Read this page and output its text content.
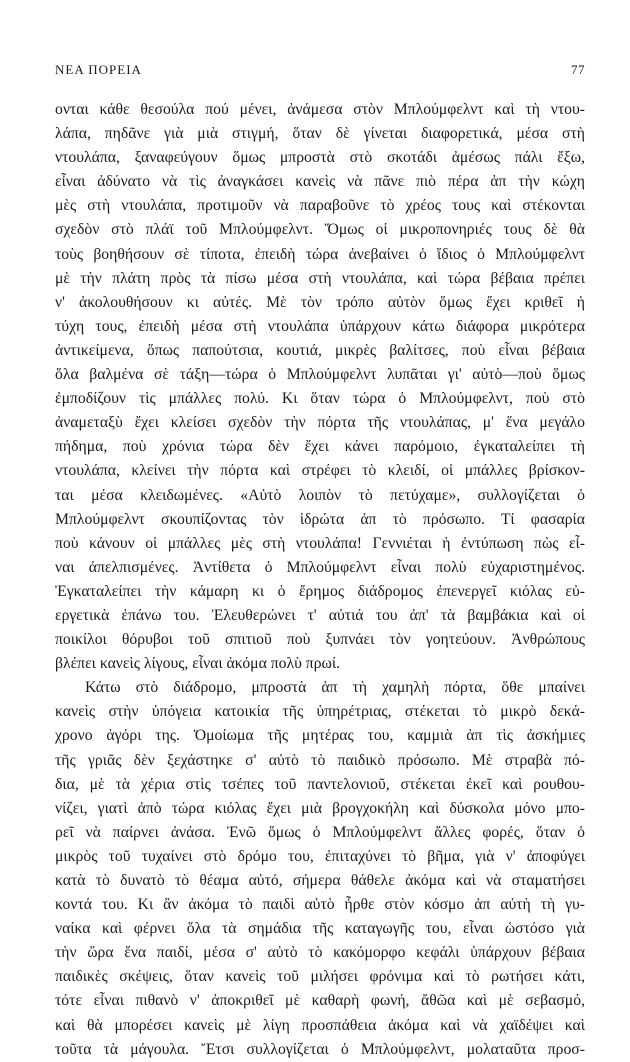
ΝΕΑ ΠΟΡΕΙΑ	77
ονται κάθε θεσούλα πού μένει, ἀνάμεσα στὸν Μπλούμφελντ καὶ τὴ ντου-
λάπα, πηδᾶνε γιὰ μιὰ στιγμή, ὅταν δὲ γίνεται διαφορετικά, μέσα στὴ
ντουλάπα, ξαναφεύγουν ὅμως μπροστὰ στὸ σκοτάδι ἀμέσως πάλι ἔξω,
εἶναι ἀδύνατο νὰ τὶς ἀναγκάσει κανεὶς νὰ πᾶνε πιὸ πέρα ἀπ τὴν κώχη
μὲς στὴ ντουλάπα, προτιμοῦν νὰ παραβοῦνε τὸ χρέος τους καὶ στέκονται
σχεδὸν στὸ πλάϊ τοῦ Μπλούμφελντ. Ὅμως οἱ μικροπονηριές τους δὲ θὰ
τοὺς βοηθήσουν σὲ τίποτα, ἐπειδὴ τώρα ἀνεβαίνει ὁ ἴδιος ὁ Μπλούμφελντ
μὲ τὴν πλάτη πρὸς τὰ πίσω μέσα στὴ ντουλάπα, καὶ τώρα βέβαια πρέπει
ν' ἀκολουθήσουν κι αὐτές. Μὲ τὸν τρόπο αὐτὸν ὅμως ἔχει κριθεῖ ἡ
τύχη τους, ἐπειδὴ μέσα στὴ ντουλάπα ὑπάρχουν κάτω διάφορα μικρότερα
ἀντικείμενα, ὅπως παπούτσια, κουτιά, μικρὲς βαλίτσες, ποὺ εἶναι βέβαια
ὅλα βαλμένα σὲ τάξη—τώρα ὁ Μπλούμφελντ λυπᾶται γι' αὐτὸ—ποὺ ὅμως
ἐμποδίζουν τὶς μπάλλες πολύ. Κι ὅταν τώρα ὁ Μπλούμφελντ, ποὺ στὸ
ἀναμεταξὺ ἔχει κλείσει σχεδὸν τὴν πόρτα τῆς ντουλάπας, μ' ἕνα μεγάλο
πήδημα, ποὺ χρόνια τώρα δὲν ἔχει κάνει παρόμοιο, ἐγκαταλείπει τὴ
ντουλάπα, κλείνει τὴν πόρτα καὶ στρέφει τὸ κλειδί, οἱ μπάλλες βρίσκον-
ται μέσα κλειδωμένες. «Αὐτὸ λοιπὸν τὸ πετύχαμε», συλλογίζεται ὁ
Μπλούμφελντ σκουπίζοντας τὸν ἱδρώτα ἀπ τὸ πρόσωπο. Τί φασαρία
ποὺ κάνουν οἱ μπάλλες μὲς στὴ ντουλάπα! Γεννιέται ἡ ἐντύπωση πὼς εἶ-
ναι ἀπελπισμένες. Ἀντίθετα ὁ Μπλούμφελντ εἶναι πολὺ εὐχαριστημένος.
Ἐγκαταλείπει τὴν κάμαρη κι ὁ ἔρημος διάδρομος ἐπενεργεῖ κιόλας εὐ-
εργετικὰ ἐπάνω του. Ἐλευθερώνει τ' αὐτιά του ἀπ' τὰ βαμβάκια καὶ οἱ
ποικίλοι θόρυβοι τοῦ σπιτιοῦ ποὺ ξυπνάει τὸν γοητεύουν. Ἀνθρώπους
βλέπει κανεὶς λίγους, εἶναι ἀκόμα πολὺ πρωί.
Κάτω στὸ διάδρομο, μπροστὰ ἀπ τὴ χαμηλὴ πόρτα, ὅθε μπαίνει
κανεὶς στὴν ὑπόγεια κατοικία τῆς ὑπηρέτριας, στέκεται τὸ μικρὸ δεκά-
χρονο ἀγόρι της. Ὁμοίωμα τῆς μητέρας του, καμμιὰ ἀπ τὶς ἀσκήμιες
τῆς γριᾶς δὲν ξεχάστηκε σ' αὐτὸ τὸ παιδικὸ πρόσωπο. Μὲ στραβὰ πό-
δια, μὲ τὰ χέρια στὶς τσέπες τοῦ παντελονιοῦ, στέκεται ἐκεῖ καὶ ρουθου-
νίζει, γιατὶ ἀπὸ τώρα κιόλας ἔχει μιὰ βρογχοκήλη καὶ δύσκολα μόνο μπο-
ρεῖ νὰ παίρνει ἀνάσα. Ἐνῶ ὅμως ὁ Μπλούμφελντ ἄλλες φορές, ὅταν ὁ
μικρὸς τοῦ τυχαίνει στὸ δρόμο του, ἐπιταχύνει τὸ βῆμα, γιὰ ν' ἀποφύγει
κατὰ τὸ δυνατὸ τὸ θέαμα αὐτό, σήμερα θάθελε ἀκόμα καὶ νὰ σταματήσει
κοντά του. Κι ἂν ἀκόμα τὸ παιδὶ αὐτὸ ἦρθε στὸν κόσμο ἀπ αὐτὴ τὴ γυ-
ναίκα καὶ φέρνει ὅλα τὰ σημάδια τῆς καταγωγῆς του, εἶναι ὡστόσο γιὰ
τὴν ὥρα ἕνα παιδί, μέσα σ' αὐτὸ τὸ κακόμορφο κεφάλι ὑπάρχουν βέβαια
παιδικὲς σκέψεις, ὅταν κανεὶς τοῦ μιλήσει φρόνιμα καὶ τὸ ρωτήσει κάτι,
τότε εἶναι πιθανὸ ν' ἀποκριθεῖ μὲ καθαρὴ φωνή, ἄθῶα καὶ μὲ σεβασμό,
καὶ θὰ μπορέσει κανεὶς μὲ λίγη προσπάθεια ἀκόμα καὶ νὰ χαϊδέψει καὶ
τοῦτα τὰ μάγουλα. Ἔτσι συλλογίζεται ὁ Μπλούμφελντ, μολαταῦτα προσ-
